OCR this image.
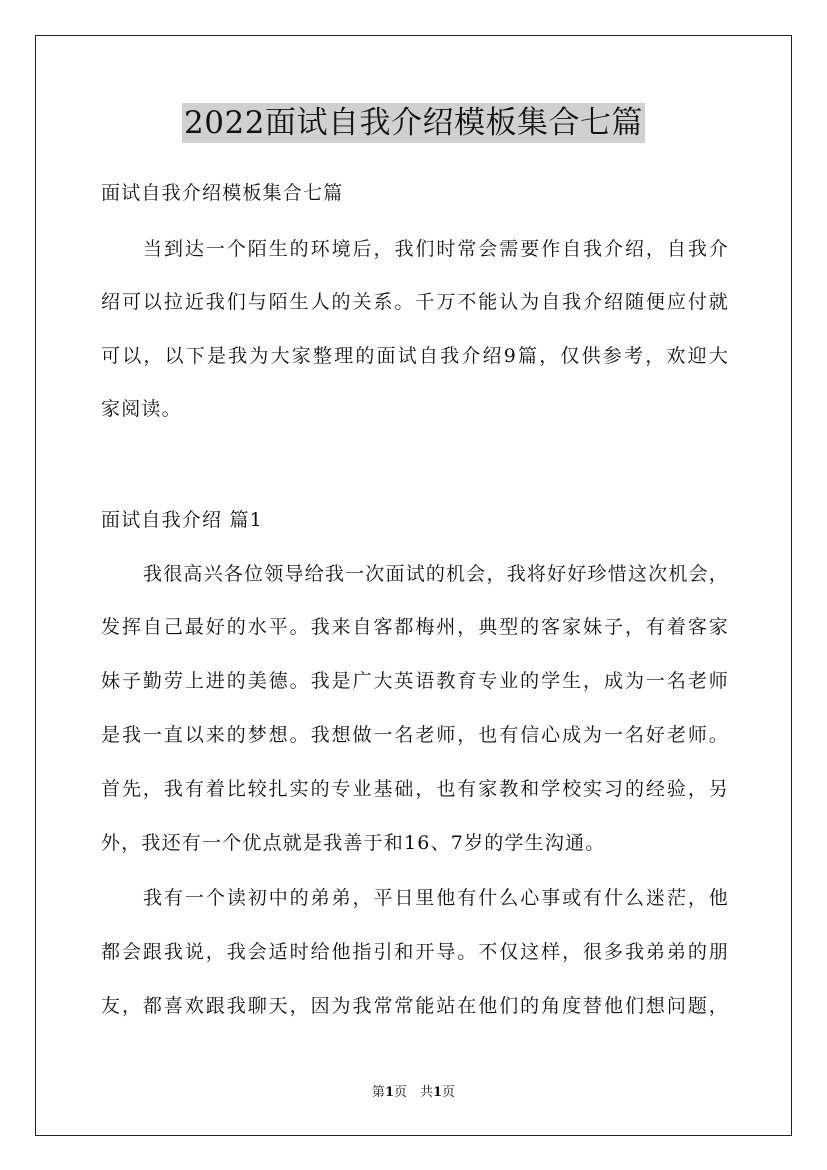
2022面试自我介绍模板集合七篇
面试自我介绍模板集合七篇
当到达一个陌生的环境后，我们时常会需要作自我介绍，自我介
绍可以拉近我们与陌生人的关系。千万不能认为自我介绍随便应付就
可以，以下是我为大家整理的面试自我介绍9篇，仅供参考，欢迎大
家阅读。
面试自我介绍 篇1
我很高兴各位领导给我一次面试的机会，我将好好珍惜这次机会，
发挥自己最好的水平。我来自客都梅州，典型的客家妹子，有着客家
妹子勤劳上进的美德。我是广大英语教育专业的学生，成为一名老师
是我一直以来的梦想。我想做一名老师，也有信心成为一名好老师。
首先，我有着比较扎实的专业基础，也有家教和学校实习的经验，另
外，我还有一个优点就是我善于和16、7岁的学生沟通。
我有一个读初中的弟弟，平日里他有什么心事或有什么迷茫，他
都会跟我说，我会适时给他指引和开导。不仅这样，很多我弟弟的朋
友，都喜欢跟我聊天，因为我常常能站在他们的角度替他们想问题，
第1页　共1页
